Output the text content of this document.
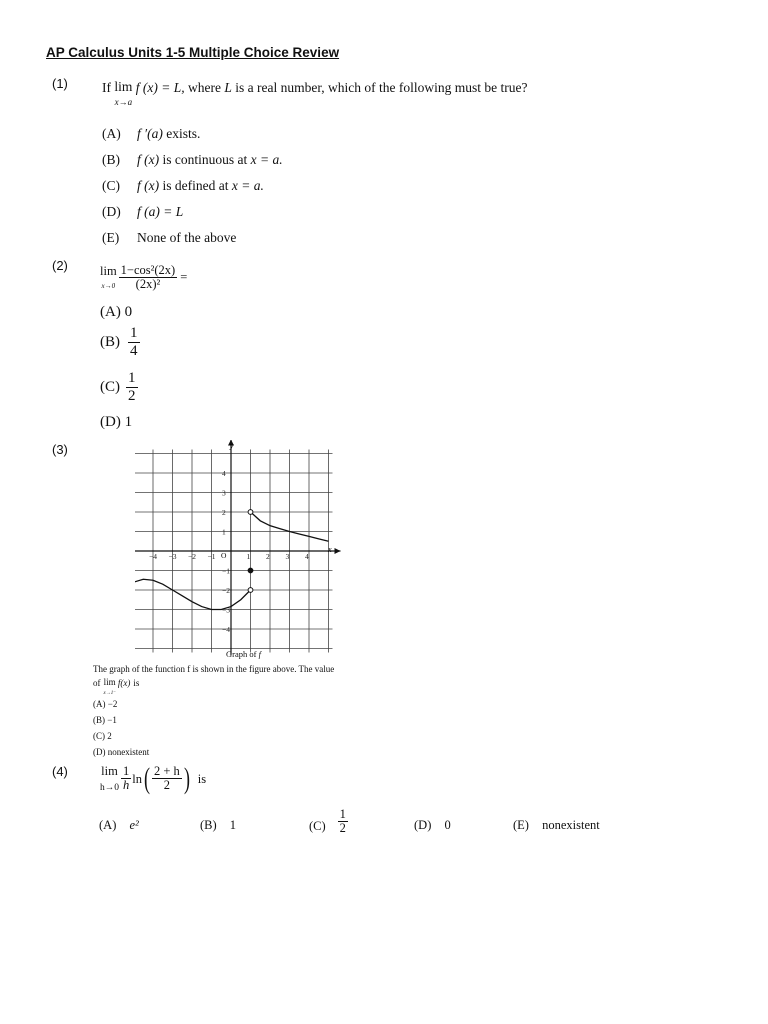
AP Calculus Units 1-5 Multiple Choice Review
(1)	If lim
x→a f (x) = L, where L is a real number, which of the following must be true?
(A) f ′(a) exists.
(B) f (x) is continuous at x = a.
(C) f (x) is defined at x = a.
(D) f (a) = L
(E) None of the above
(2)	lim
$x\to 0 \frac{\text{1−cos²(2x)}}{\text{(2x)²}}$ =
(A) 0
$(B) \frac{1}{4}$
$(C) \frac{1}{2}$
(D) 1
(3)
−4 −3 −2 −1	1 2 3 4
4
3
2
1
−1
−2
−3
−4
y
x
O
Graph of f
The graph of the function f is shown in the figure above. The value
of lim
x→1⁻
f(x) is
(A) −2
(B) −1
(C) 2
(D) nonexistent
(4)	lim
$h\to 0 \frac{1}{h}$ ln ( $\frac{2 + h}{2}$ ) is
(A) e²	(B) 1	$(C) \frac{1}{2}$	(D) 0	(E) nonexistent
